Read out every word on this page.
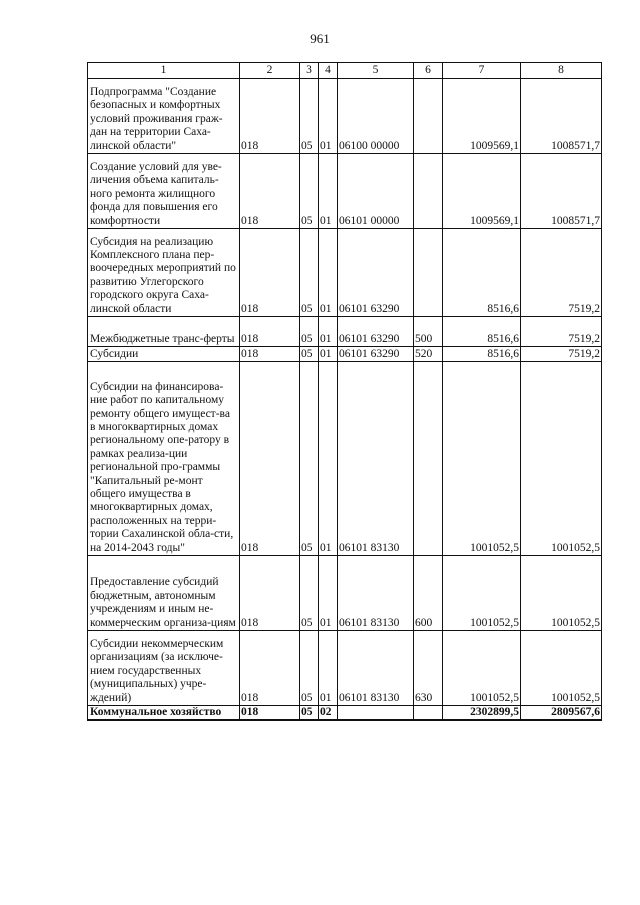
961
1	2	3	4	5	6	7	8
Подпрограмма "Создание безопасных и комфортных условий проживания граж-дан на территории Саха-линской области"	018	05	01	06100 00000		1009569,1	1008571,7
Создание условий для уве-личения объема капиталь-ного ремонта жилищного фонда для повышения его комфортности	018	05	01	06101 00000		1009569,1	1008571,7
Субсидия на реализацию Комплексного плана пер-воочередных мероприятий по развитию Углегорского городского округа Саха-линской области	018	05	01	06101 63290		8516,6	7519,2
Межбюджетные транс-ферты	018	05	01	06101 63290	500	8516,6	7519,2
Субсидии	018	05	01	06101 63290	520	8516,6	7519,2
Субсидии на финансирова-ние работ по капитальному ремонту общего имущест-ва в многоквартирных домах региональному опе-ратору в рамках реализа-ции региональной про-граммы "Капитальный ре-монт общего имущества в многоквартирных домах, расположенных на терри-тории Сахалинской обла-сти, на 2014-2043 годы"	018	05	01	06101 83130		1001052,5	1001052,5
Предоставление субсидий бюджетным, автономным учреждениям и иным не-коммерческим организа-циям	018	05	01	06101 83130	600	1001052,5	1001052,5
Субсидии некоммерческим организациям (за исключе-нием государственных (муниципальных) учре-ждений)	018	05	01	06101 83130	630	1001052,5	1001052,5
Коммунальное хозяйство	018	05	02			2302899,5	2809567,6
